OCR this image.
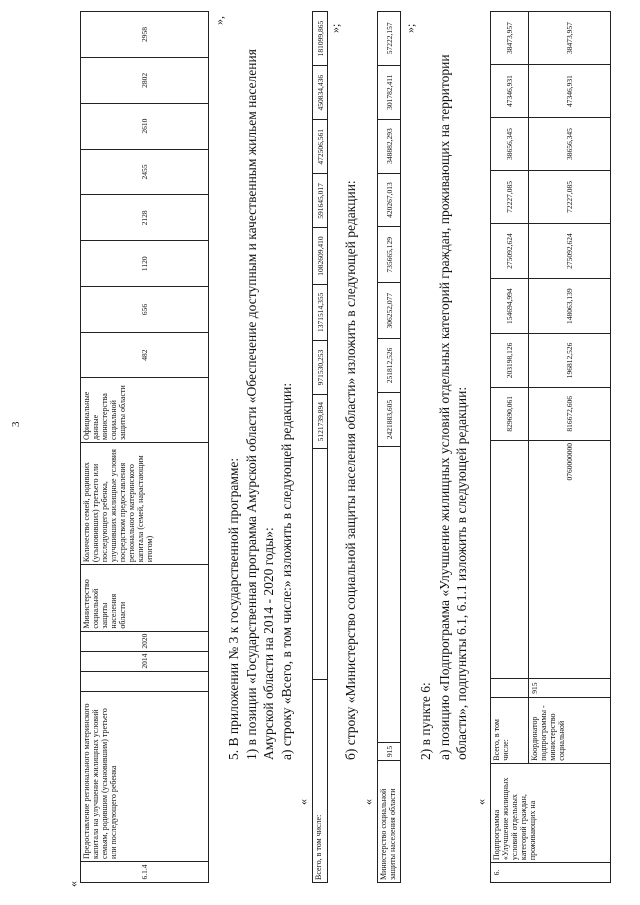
3
«
6.1.4	Предоставление регионального материнского капитала на улучшение жилищных условий семьям, родившим (усыновившим) третьего или последующего ребенка		2014	2020	Министерство социальной защиты населения области	Количество семей, родивших (усыновивших) третьего или последующего ребенка, улучшивших жилищные условия посредством предоставления регионального материнского капитала (семей, нарастающим итогом)	Официальные данные министерства социальной защиты области	482	656	1120	2128	2455	2610	2802	2958
»,
5. В приложении № 3 к государственной программе: 1) в позиции «Государственная программа Амурской области «Обеспечение доступным и качественным жильем населения Амурской области на 2014 - 2020 годы»: а) строку «Всего, в том числе:» изложить в следующей редакции:
«
Всего, в том числе:		5121739,894	971530,253	1371514,355	1082609,410	591645,017	472506,561	450834,436	181099,865 »;
б) строку «Министерство социальной защиты населения области» изложить в следующей редакции:
« Министерство социальной защиты населения области	915		2421883,605	251812,526	306252,077	735665,129	420267,013	348882,293	301782,411	57222,157 »;
2) в пункте 6: а) позицию «Подпрограмма «Улучшение жилищных условий отдельных категорий граждан, проживающих на территории области», подпункты 6.1, 6.1.1 изложить в следующей редакции:
«
6.	Подпрограмма «Улучшение жилищных условий отдельных категорий граждан, проживающих на	Всего, в том числе:			829690,061	203198,126	154694,994	275092,624	72227,085	38656,345	47346,931	38473,957
		Координатор подпрограммы - министерство социальной	915	0760000000	816672,606	196812,526	148063,139	275092,624	72227,085	38656,345	47346,931	38473,957
